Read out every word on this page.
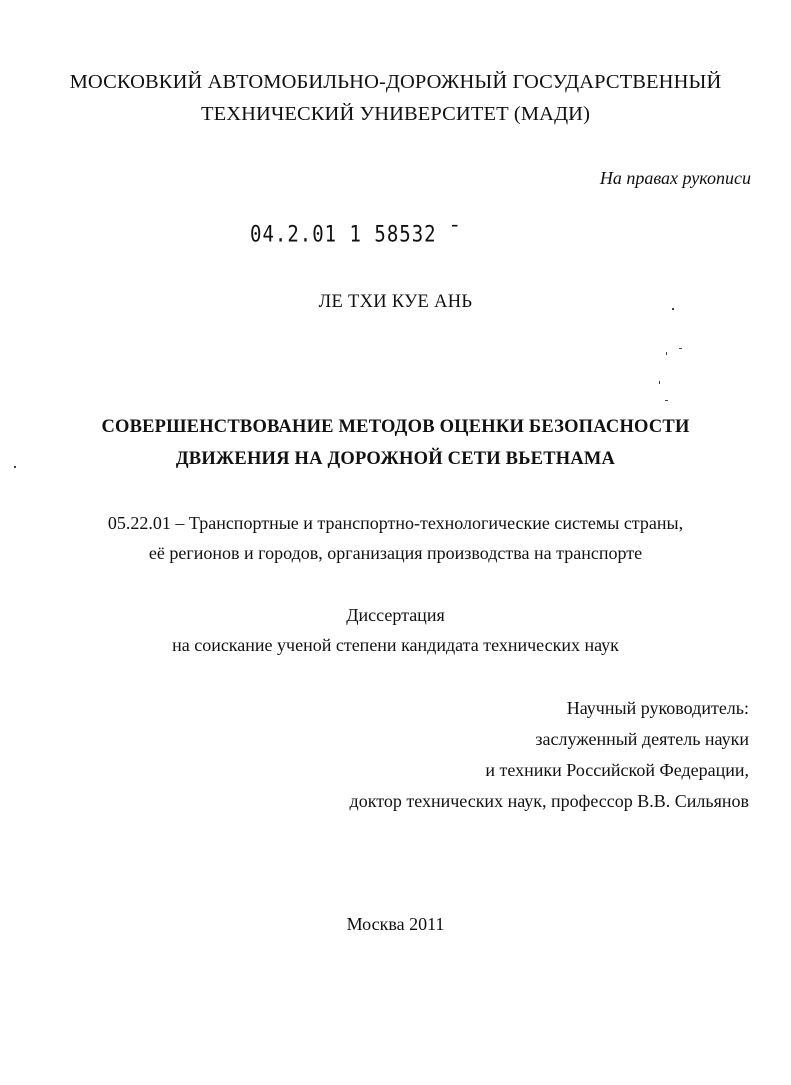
МОСКОВКИЙ АВТОМОБИЛЬНО-ДОРОЖНЫЙ ГОСУДАРСТВЕННЫЙ
ТЕХНИЧЕСКИЙ УНИВЕРСИТЕТ (МАДИ)
На правах рукописи
04.2.01 1 58532 ˉ
ЛЕ ТХИ КУЕ АНЬ
СОВЕРШЕНСТВОВАНИЕ МЕТОДОВ ОЦЕНКИ БЕЗОПАСНОСТИ
ДВИЖЕНИЯ НА ДОРОЖНОЙ СЕТИ ВЬЕТНАМА
05.22.01 – Транспортные и транспортно-технологические системы страны,
её регионов и городов, организация производства на транспорте
Диссертация
на соискание ученой степени кандидата технических наук
Научный руководитель:
заслуженный деятель науки
и техники Российской Федерации,
доктор технических наук, профессор В.В. Сильянов
Москва 2011
